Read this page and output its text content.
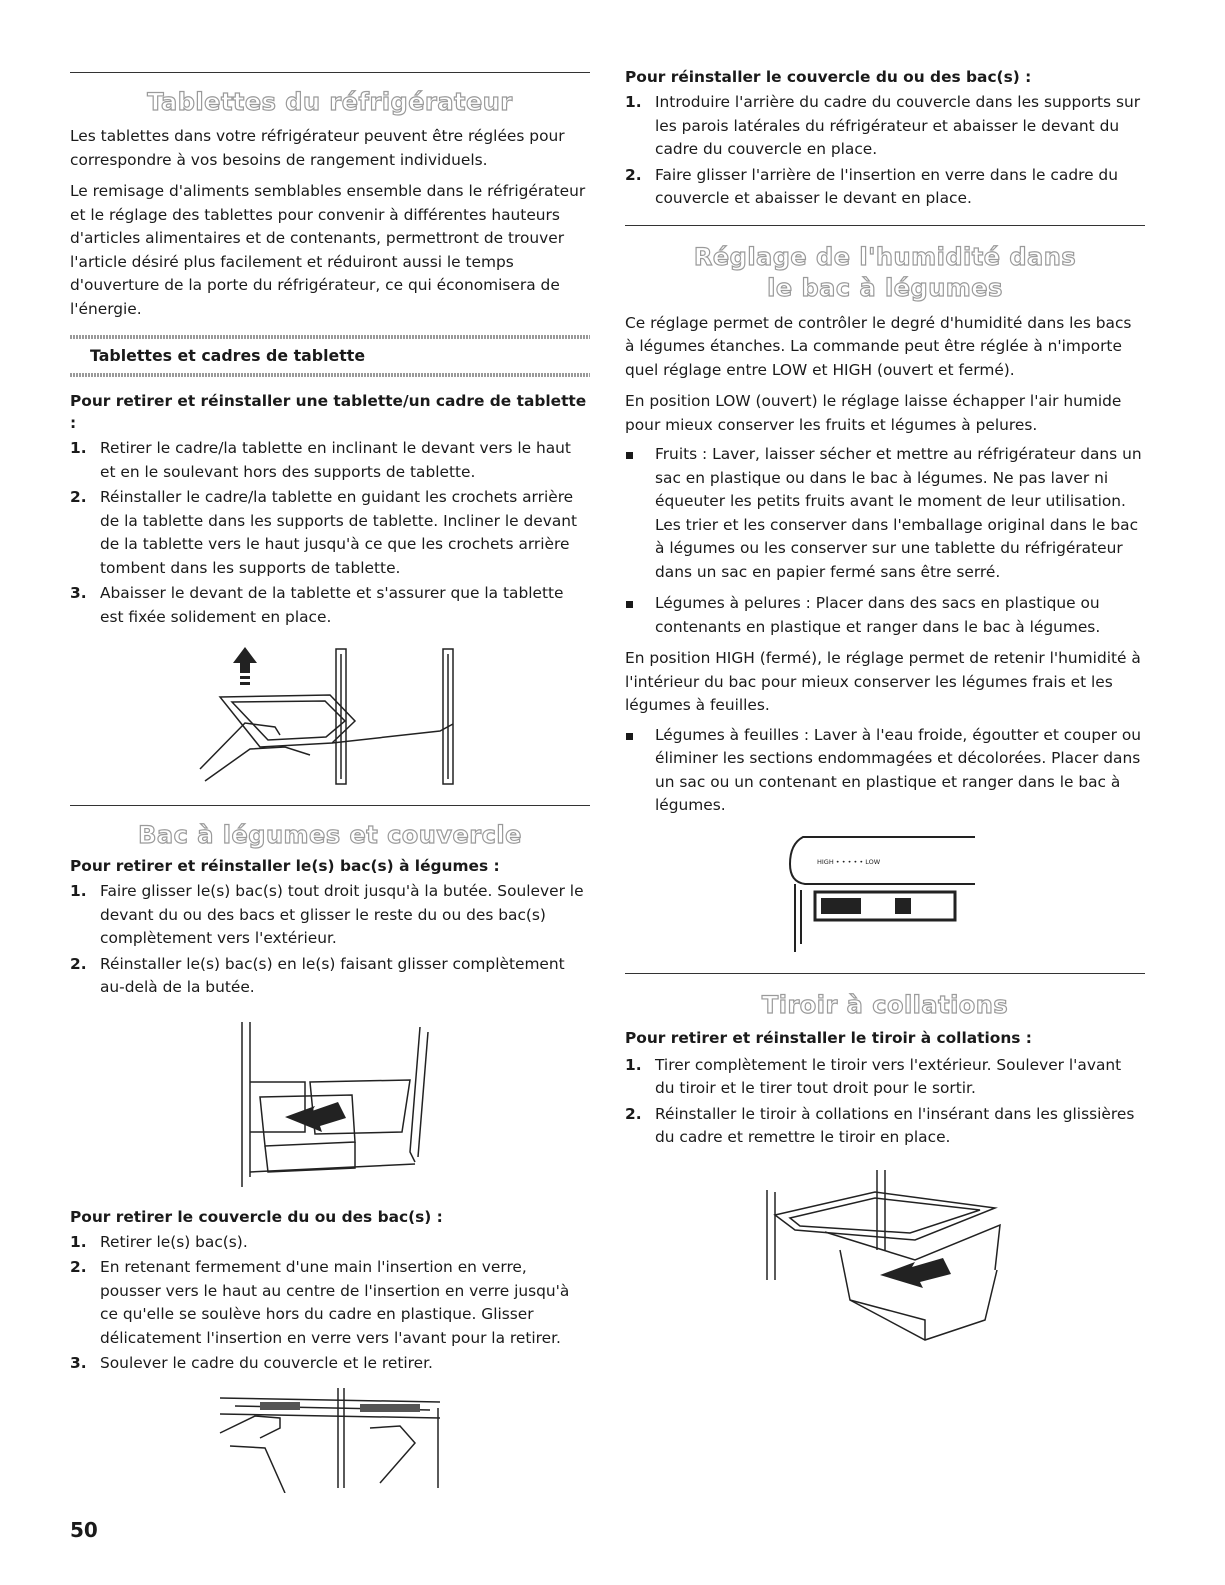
Tablettes du réfrigérateur

Les tablettes dans votre réfrigérateur peuvent être réglées pour correspondre à vos besoins de rangement individuels.

Le remisage d'aliments semblables ensemble dans le réfrigérateur et le réglage des tablettes pour convenir à différentes hauteurs d'articles alimentaires et de contenants, permettront de trouver l'article désiré plus facilement et réduiront aussi le temps d'ouverture de la porte du réfrigérateur, ce qui économisera de l'énergie.

Tablettes et cadres de tablette
Pour retirer et réinstaller une tablette/un cadre de tablette :
1. Retirer le cadre/la tablette en inclinant le devant vers le haut et en le soulevant hors des supports de tablette.
2. Réinstaller le cadre/la tablette en guidant les crochets arrière de la tablette dans les supports de tablette. Incliner le devant de la tablette vers le haut jusqu'à ce que les crochets arrière tombent dans les supports de tablette.
3. Abaisser le devant de la tablette et s'assurer que la tablette est fixée solidement en place.
Bac à légumes et couvercle
Pour retirer et réinstaller le(s) bac(s) à légumes :
1. Faire glisser le(s) bac(s) tout droit jusqu'à la butée. Soulever le devant du ou des bacs et glisser le reste du ou des bac(s) complètement vers l'extérieur.
2. Réinstaller le(s) bac(s) en le(s) faisant glisser complètement au-delà de la butée.
Pour retirer le couvercle du ou des bac(s) :
1. Retirer le(s) bac(s).
2. En retenant fermement d'une main l'insertion en verre, pousser vers le haut au centre de l'insertion en verre jusqu'à ce qu'elle se soulève hors du cadre en plastique. Glisser délicatement l'insertion en verre vers l'avant pour la retirer.
3. Soulever le cadre du couvercle et le retirer.
Pour réinstaller le couvercle du ou des bac(s) :
1. Introduire l'arrière du cadre du couvercle dans les supports sur les parois latérales du réfrigérateur et abaisser le devant du cadre du couvercle en place.
2. Faire glisser l'arrière de l'insertion en verre dans le cadre du couvercle et abaisser le devant en place.
Réglage de l'humidité dans
le bac à légumes

Ce réglage permet de contrôler le degré d'humidité dans les bacs à légumes étanches. La commande peut être réglée à n'importe quel réglage entre LOW et HIGH (ouvert et fermé).

En position LOW (ouvert) le réglage laisse échapper l'air humide pour mieux conserver les fruits et légumes à pelures.

Fruits : Laver, laisser sécher et mettre au réfrigérateur dans un sac en plastique ou dans le bac à légumes. Ne pas laver ni équeuter les petits fruits avant le moment de leur utilisation. Les trier et les conserver dans l'emballage original dans le bac à légumes ou les conserver sur une tablette du réfrigérateur dans un sac en papier fermé sans être serré.
Légumes à pelures : Placer dans des sacs en plastique ou contenants en plastique et ranger dans le bac à légumes.

En position HIGH (fermé), le réglage permet de retenir l'humidité à l'intérieur du bac pour mieux conserver les légumes frais et les légumes à feuilles.

Légumes à feuilles : Laver à l'eau froide, égoutter et couper ou éliminer les sections endommagées et décolorées. Placer dans un sac ou un contenant en plastique et ranger dans le bac à légumes.
HIGH • • • • • LOW
Tiroir à collations
Pour retirer et réinstaller le tiroir à collations :
1. Tirer complètement le tiroir vers l'extérieur. Soulever l'avant du tiroir et le tirer tout droit pour le sortir.
2. Réinstaller le tiroir à collations en l'insérant dans les glissières du cadre et remettre le tiroir en place.
50
